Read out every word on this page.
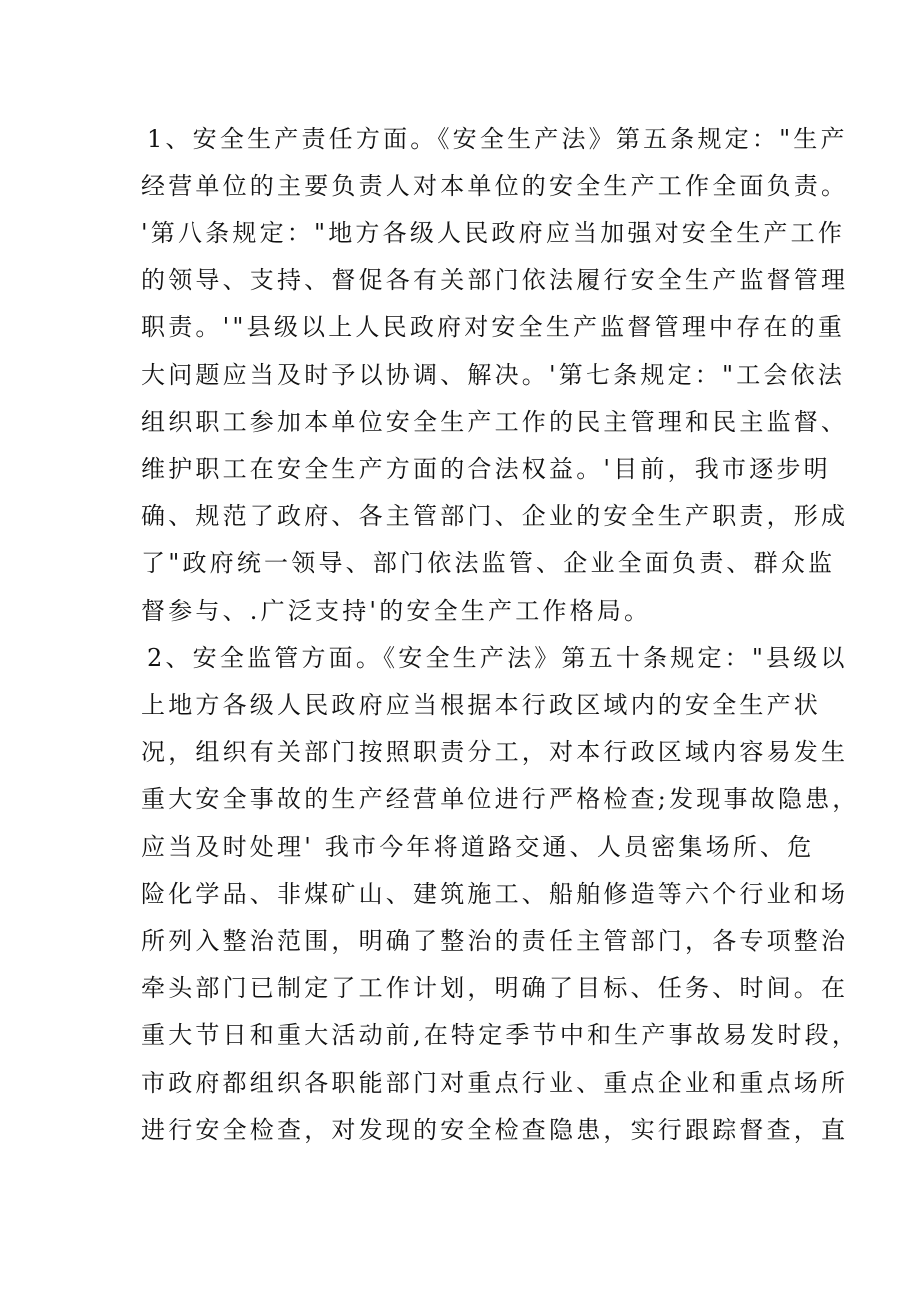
1、安全生产责任方面。《安全生产法》第五条规定："生产
经营单位的主要负责人对本单位的安全生产工作全面负责。
'第八条规定："地方各级人民政府应当加强对安全生产工作
的领导、支持、督促各有关部门依法履行安全生产监督管理
职责。'"县级以上人民政府对安全生产监督管理中存在的重
大问题应当及时予以协调、解决。'第七条规定："工会依法
组织职工参加本单位安全生产工作的民主管理和民主监督、
维护职工在安全生产方面的合法权益。'目前，我市逐步明
确、规范了政府、各主管部门、企业的安全生产职责，形成
了"政府统一领导、部门依法监管、企业全面负责、群众监
督参与、.广泛支持'的安全生产工作格局。
2、安全监管方面。《安全生产法》第五十条规定："县级以
上地方各级人民政府应当根据本行政区域内的安全生产状
况，组织有关部门按照职责分工，对本行政区域内容易发生
重大安全事故的生产经营单位进行严格检查;发现事故隐患，
应当及时处理' 我市今年将道路交通、人员密集场所、危
险化学品、非煤矿山、建筑施工、船舶修造等六个行业和场
所列入整治范围，明确了整治的责任主管部门，各专项整治
牵头部门已制定了工作计划，明确了目标、任务、时间。在
重大节日和重大活动前,在特定季节中和生产事故易发时段，
市政府都组织各职能部门对重点行业、重点企业和重点场所
进行安全检查，对发现的安全检查隐患，实行跟踪督查，直
